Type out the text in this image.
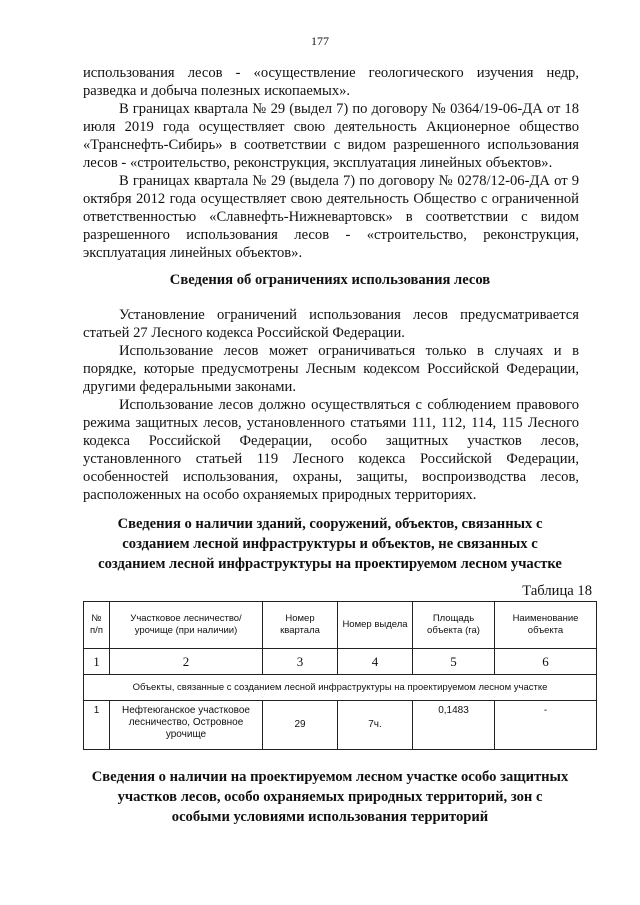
177

использования лесов - «осуществление геологического изучения недр, разведка и добыча полезных ископаемых».

В границах квартала № 29 (выдел 7) по договору № 0364/19-06-ДА от 18 июля 2019 года осуществляет свою деятельность Акционерное общество «Транснефть-Сибирь» в соответствии с видом разрешенного использования лесов - «строительство, реконструкция, эксплуатация линейных объектов».

В границах квартала № 29 (выдела 7) по договору № 0278/12-06-ДА от 9 октября 2012 года осуществляет свою деятельность Общество с ограниченной ответственностью «Славнефть-Нижневартовск» в соответствии с видом разрешенного использования лесов - «строительство, реконструкция, эксплуатация линейных объектов».

Сведения об ограничениях использования лесов

Установление ограничений использования лесов предусматривается статьей 27 Лесного кодекса Российской Федерации.

Использование лесов может ограничиваться только в случаях и в порядке, которые предусмотрены Лесным кодексом Российской Федерации, другими федеральными законами.

Использование лесов должно осуществляться с соблюдением правового режима защитных лесов, установленного статьями 111, 112, 114, 115 Лесного кодекса Российской Федерации, особо защитных участков лесов, установленного статьей 119 Лесного кодекса Российской Федерации, особенностей использования, охраны, защиты, воспроизводства лесов, расположенных на особо охраняемых природных территориях.

Сведения о наличии зданий, сооружений, объектов, связанных с
созданием лесной инфраструктуры и объектов, не связанных с
созданием лесной инфраструктуры на проектируемом лесном участке
Таблица 18
№ п/п	Участковое лесничество/урочище (при наличии)	Номер квартала	Номер выдела	Площадь объекта (га)	Наименование объекта
1	2	3	4	5	6
Объекты, связанные с созданием лесной инфраструктуры на проектируемом лесном участке					
1	Нефтеюганское участковое лесничество, Островное урочище	29	7ч.	0,1483	-
Сведения о наличии на проектируемом лесном участке особо защитных
участков лесов, особо охраняемых природных территорий, зон с
особыми условиями использования территорий
